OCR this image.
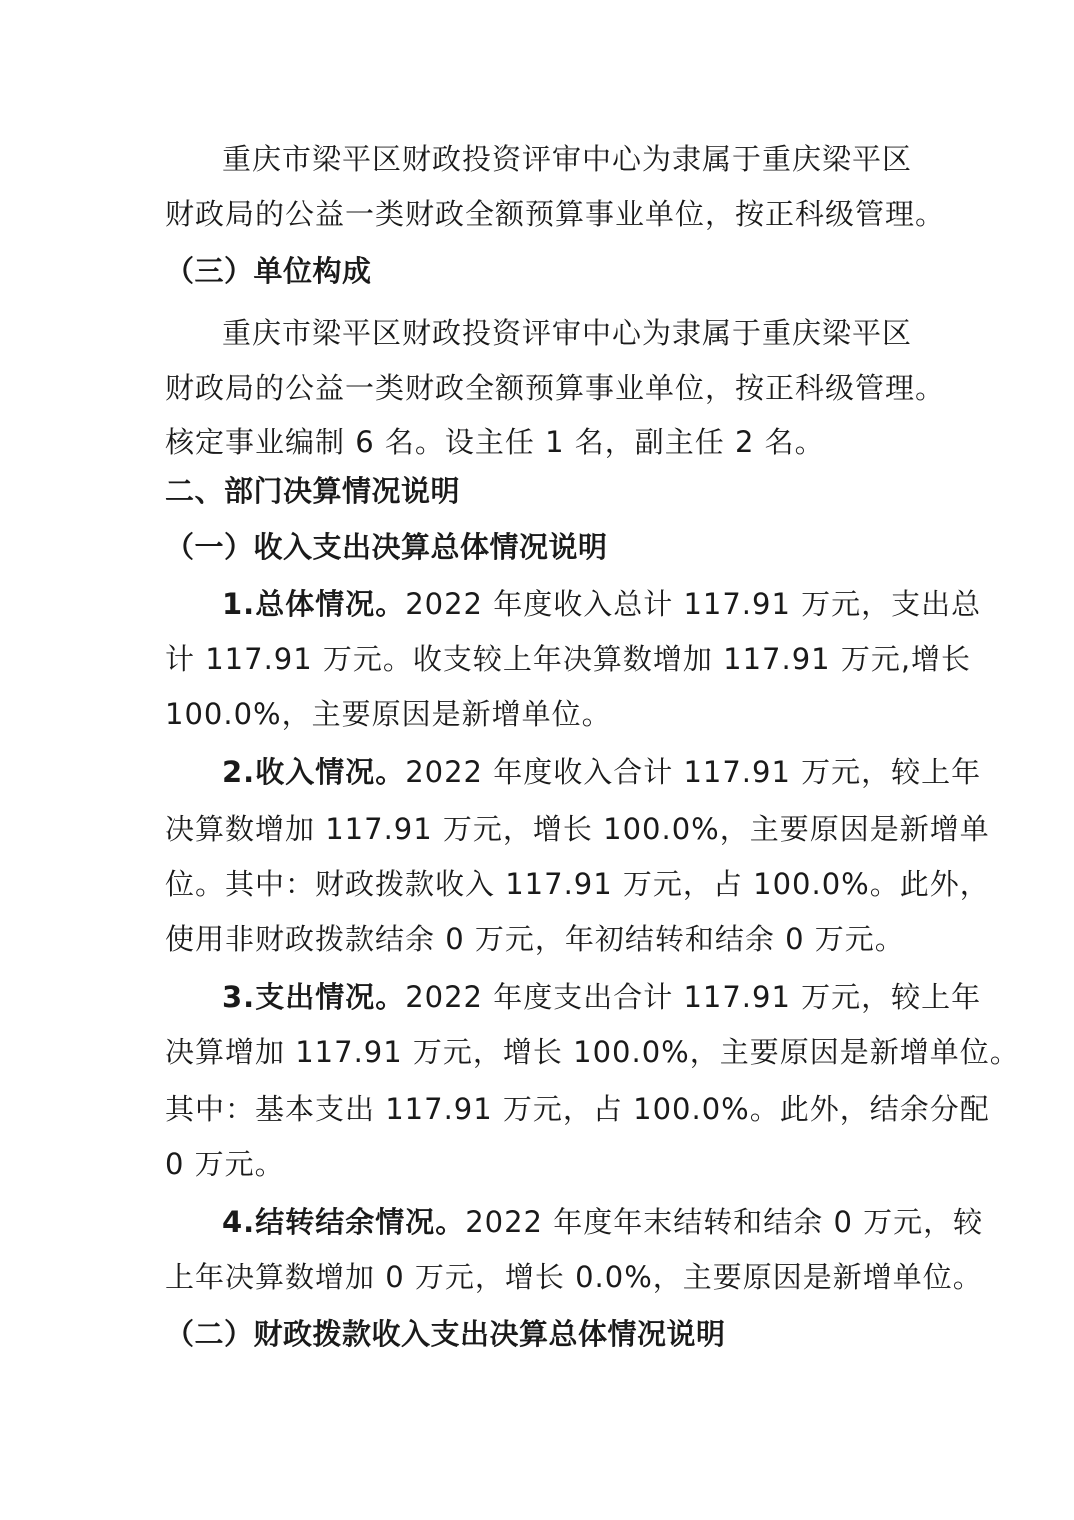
重庆市梁平区财政投资评审中心为隶属于重庆梁平区
财政局的公益一类财政全额预算事业单位，按正科级管理。
（三）单位构成
重庆市梁平区财政投资评审中心为隶属于重庆梁平区
财政局的公益一类财政全额预算事业单位，按正科级管理。
核定事业编制 6 名。设主任 1 名，副主任 2 名。
二、部门决算情况说明
（一）收入支出决算总体情况说明
1.总体情况。2022 年度收入总计 117.91 万元，支出总
计 117.91 万元。收支较上年决算数增加 117.91 万元,增长
100.0%，主要原因是新增单位。
2.收入情况。2022 年度收入合计 117.91 万元，较上年
决算数增加 117.91 万元，增长 100.0%，主要原因是新增单
位。其中：财政拨款收入 117.91 万元，占 100.0%。此外，
使用非财政拨款结余 0 万元，年初结转和结余 0 万元。
3.支出情况。2022 年度支出合计 117.91 万元，较上年
决算增加 117.91 万元，增长 100.0%，主要原因是新增单位。
其中：基本支出 117.91 万元，占 100.0%。此外，结余分配
0 万元。
4.结转结余情况。2022 年度年末结转和结余 0 万元，较
上年决算数增加 0 万元，增长 0.0%，主要原因是新增单位。
（二）财政拨款收入支出决算总体情况说明
